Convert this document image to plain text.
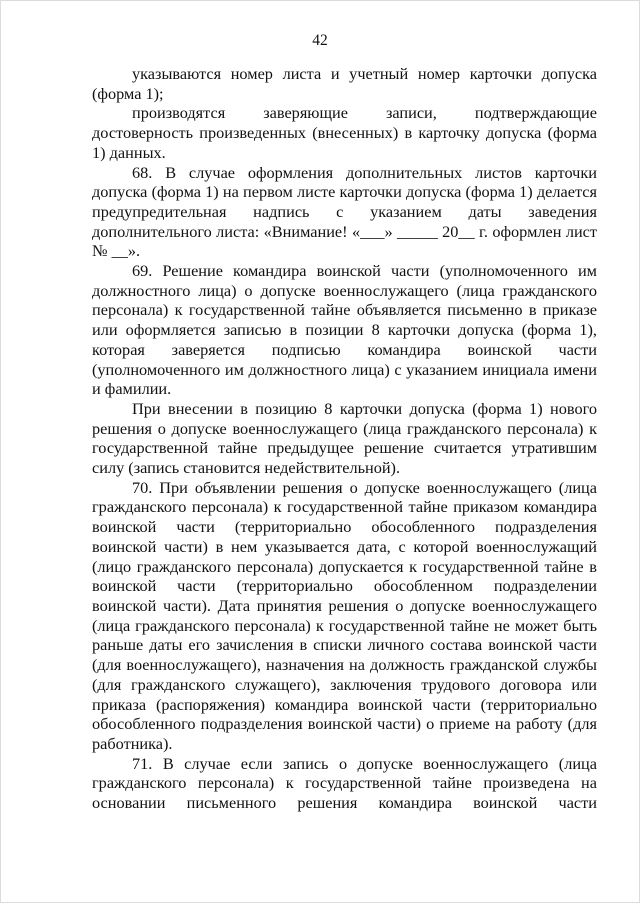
42

указываются номер листа и учетный номер карточки допуска (форма 1);

производятся заверяющие записи, подтверждающие достоверность произведенных (внесенных) в карточку допуска (форма 1) данных.

68. В случае оформления дополнительных листов карточки допуска (форма 1) на первом листе карточки допуска (форма 1) делается предупредительная надпись с указанием даты заведения дополнительного листа: «Внимание! «___» _____ 20__ г. оформлен лист № __».

69. Решение командира воинской части (уполномоченного им должностного лица) о допуске военнослужащего (лица гражданского персонала) к государственной тайне объявляется письменно в приказе или оформляется записью в позиции 8 карточки допуска (форма 1), которая заверяется подписью командира воинской части (уполномоченного им должностного лица) с указанием инициала имени и фамилии.

При внесении в позицию 8 карточки допуска (форма 1) нового решения о допуске военнослужащего (лица гражданского персонала) к государственной тайне предыдущее решение считается утратившим силу (запись становится недействительной).

70. При объявлении решения о допуске военнослужащего (лица гражданского персонала) к государственной тайне приказом командира воинской части (территориально обособленного подразделения воинской части) в нем указывается дата, с которой военнослужащий (лицо гражданского персонала) допускается к государственной тайне в воинской части (территориально обособленном подразделении воинской части). Дата принятия решения о допуске военнослужащего (лица гражданского персонала) к государственной тайне не может быть раньше даты его зачисления в списки личного состава воинской части (для военнослужащего), назначения на должность гражданской службы (для гражданского служащего), заключения трудового договора или приказа (распоряжения) командира воинской части (территориально обособленного подразделения воинской части) о приеме на работу (для работника).

71. В случае если запись о допуске военнослужащего (лица гражданского персонала) к государственной тайне произведена на основании письменного решения командира воинской части
